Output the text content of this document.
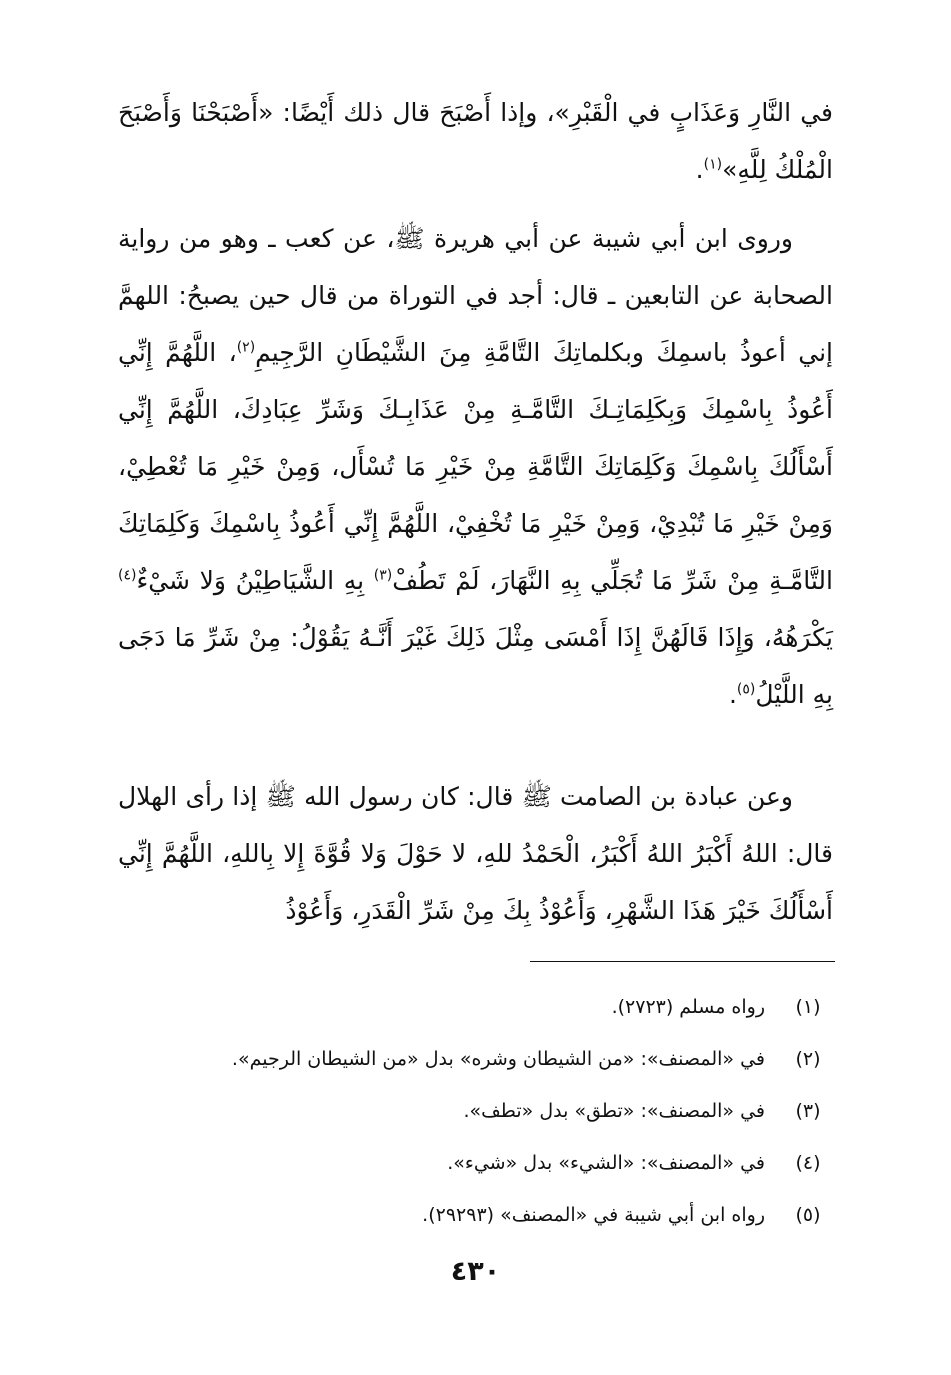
في النَّارِ وَعَذَابٍ في الْقَبْرِ»، وإذا أَصْبَحَ قال ذلك أَيْضًا: «أَصْبَحْنَا وَأَصْبَحَ الْمُلْكُ لِلَّهِ»$^{(١)}$.

وروى ابن أبي شيبة عن أبي هريرة ﷺ، عن كعب ـ وهو من رواية الصحابة عن التابعين ـ قال: أجد في التوراة من قال حين يصبحُ: اللهمَّ إني أعوذُ باسمِكَ وبكلماتِكَ التَّامَّةِ مِنَ الشَّيْطَانِ الرَّجِيمِ$^{(٢)}$، اللَّهُمَّ إِنِّي أَعُوذُ بِاسْمِكَ وَبِكَلِمَاتِـكَ التَّامَّـةِ مِنْ عَذَابِـكَ وَشَرِّ عِبَادِكَ، اللَّهُمَّ إِنِّي أَسْأَلُكَ بِاسْمِكَ وَكَلِمَاتِكَ التَّامَّةِ مِنْ خَيْرِ مَا تُسْأَل، وَمِنْ خَيْرِ مَا تُعْطِيْ، وَمِنْ خَيْرِ مَا تُبْدِيْ، وَمِنْ خَيْرِ مَا تُخْفِيْ، اللَّهُمَّ إِنِّي أَعُوذُ بِاسْمِكَ وَكَلِمَاتِكَ التَّامَّـةِ مِنْ شَرِّ مَا تُجَلِّي بِهِ النَّهَارَ، لَمْ تَطُفْ$^{(٣)}$ بِهِ الشَّيَاطِيْنُ وَلا شَيْءٌ$^{(٤)}$ يَكْرَهُهُ، وَإِذَا قَالَهُنَّ إِذَا أَمْسَى مِثْلَ ذَلِكَ غَيْرَ أَنَّـهُ يَقُوْلُ: مِنْ شَرِّ مَا دَجَى بِهِ اللَّيْلُ$^{(٥)}$.

وعن عبادة بن الصامت ﷺ قال: كان رسول الله ﷺ إذا رأى الهلال قال: اللهُ أَكْبَرُ اللهُ أَكْبَرُ، الْحَمْدُ للهِ، لا حَوْلَ وَلا قُوَّةَ إِلا بِاللهِ، اللَّهُمَّ إِنِّي أَسْأَلُكَ خَيْرَ هَذَا الشَّهْرِ، وَأَعُوْذُ بِكَ مِنْ شَرِّ الْقَدَرِ، وَأَعُوْذُ

(١)
رواه مسلم (٢٧٢٣).
(٢)
في «المصنف»: «من الشيطان وشره» بدل «من الشيطان الرجيم».
(٣)
في «المصنف»: «تطق» بدل «تطف».
(٤)
في «المصنف»: «الشيء» بدل «شيء».
(٥)
رواه ابن أبي شيبة في «المصنف» (٢٩٢٩٣).
٤٣٠
